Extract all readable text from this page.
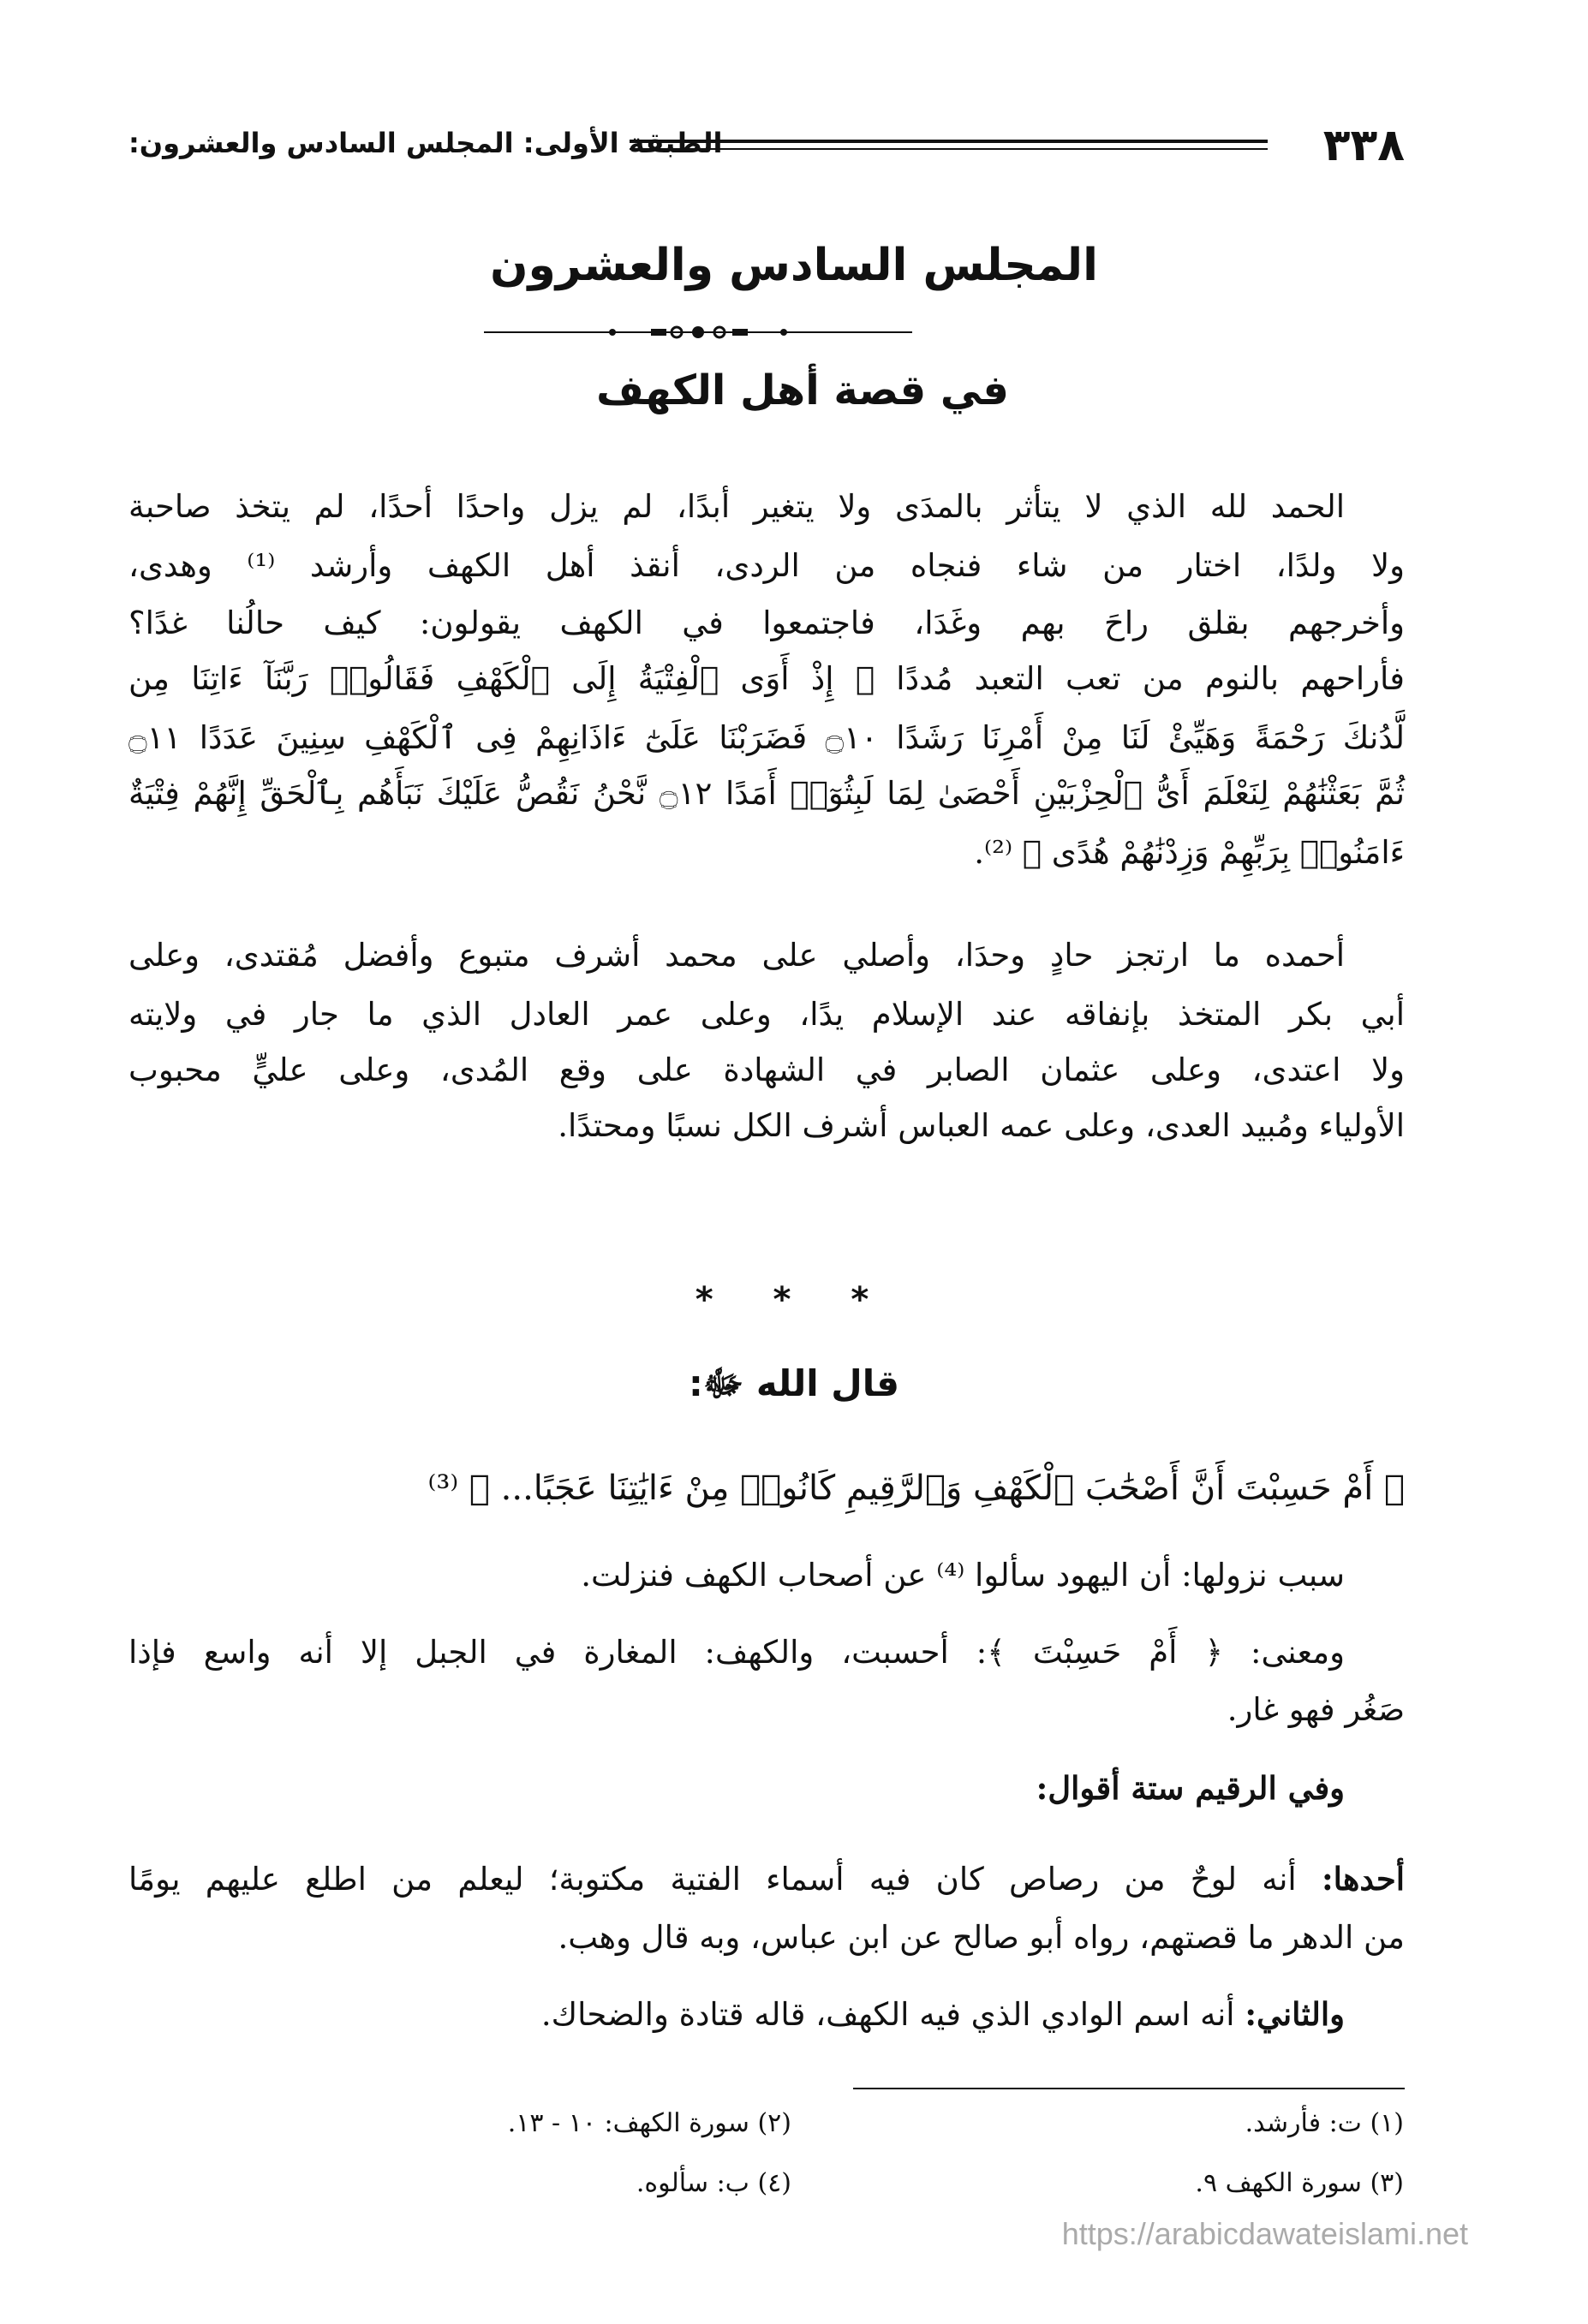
٣٣٨
الطبقة الأولى: المجلس السادس والعشرون:
المجلس السادس والعشرون
في قصة أهل الكهف
الحمد لله الذي لا يتأثر بالمدَى ولا يتغير أبدًا، لم يزل واحدًا أحدًا، لم يتخذ صاحبة
ولا ولدًا، اختار من شاء فنجاه من الردى، أنقذ أهل الكهف وأرشد ⁽¹⁾ وهدى،
وأخرجهم بقلق راحَ بهم وغَدَا، فاجتمعوا في الكهف يقولون: كيف حالُنا غدًا؟
فأراحهم بالنوم من تعب التعبد مُددًا ﴿ إِذْ أَوَى ٱلْفِتْيَةُ إِلَى ٱلْكَهْفِ فَقَالُوا۟ رَبَّنَآ ءَاتِنَا مِن
لَّدُنكَ رَحْمَةً وَهَيِّئْ لَنَا مِنْ أَمْرِنَا رَشَدًا ۝١٠ فَضَرَبْنَا عَلَىٰٓ ءَاذَانِهِمْ فِى ٱلْكَهْفِ سِنِينَ عَدَدًا ۝١١
ثُمَّ بَعَثْنَٰهُمْ لِنَعْلَمَ أَىُّ ٱلْحِزْبَيْنِ أَحْصَىٰ لِمَا لَبِثُوٓا۟ أَمَدًا ۝١٢ نَّحْنُ نَقُصُّ عَلَيْكَ نَبَأَهُم بِٱلْحَقِّ إِنَّهُمْ فِتْيَةٌ
ءَامَنُوا۟ بِرَبِّهِمْ وَزِدْنَٰهُمْ هُدًى ﴾ ⁽²⁾.
أحمده ما ارتجز حادٍ وحدَا، وأصلي على محمد أشرف متبوع وأفضل مُقتدى، وعلى
أبي بكر المتخذ بإنفاقه عند الإسلام يدًا، وعلى عمر العادل الذي ما جار في ولايته
ولا اعتدى، وعلى عثمان الصابر في الشهادة على وقع المُدى، وعلى عليٍّ محبوب
الأولياء ومُبيد العدى، وعلى عمه العباس أشرف الكل نسبًا ومحتدًا.
* * *
قال الله ﷻ:
﴿ أَمْ حَسِبْتَ أَنَّ أَصْحَٰبَ ٱلْكَهْفِ وَٱلرَّقِيمِ كَانُوا۟ مِنْ ءَايَٰتِنَا عَجَبًا... ﴾ ⁽³⁾
سبب نزولها: أن اليهود سألوا ⁽⁴⁾ عن أصحاب الكهف فنزلت.
ومعنى: ﴿ أَمْ حَسِبْتَ ﴾: أحسبت، والكهف: المغارة في الجبل إلا أنه واسع فإذا
صَغُر فهو غار.
وفي الرقيم ستة أقوال:
أحدها: أنه لوحٌ من رصاص كان فيه أسماء الفتية مكتوبة؛ ليعلم من اطلع عليهم يومًا
من الدهر ما قصتهم، رواه أبو صالح عن ابن عباس، وبه قال وهب.
والثاني: أنه اسم الوادي الذي فيه الكهف، قاله قتادة والضحاك.
(١) ت: فأرشد.
(٢) سورة الكهف: ١٠ - ١٣.
(٣) سورة الكهف ٩.
(٤) ب: سألوه.
https://arabicdawateislami.net
